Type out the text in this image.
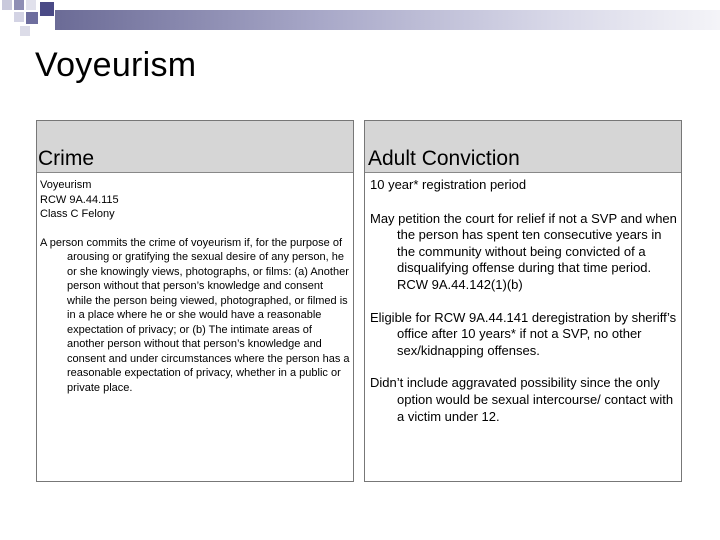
Voyeurism
Crime
Voyeurism
RCW 9A.44.115
Class C Felony
A person commits the crime of voyeurism if, for the purpose of arousing or gratifying the sexual desire of any person, he or she knowingly views, photographs, or films: (a) Another person without that person’s knowledge and consent while the person being viewed, photographed, or filmed is in a place where he or she would have a reasonable expectation of privacy; or (b) The intimate areas of another person without that person’s knowledge and consent and under circumstances where the person has a reasonable expectation of privacy, whether in a public or private place.
Adult Conviction

10 year* registration period

May petition the court for relief if not a SVP and when the person has spent ten consecutive years in the community without being convicted of a disqualifying offense during that time period. RCW 9A.44.142(1)(b)

Eligible for RCW 9A.44.141 deregistration by sheriff’s office after 10 years* if not a SVP, no other sex/kidnapping offenses.

Didn’t include aggravated possibility since the only option would be sexual intercourse/ contact with a victim under 12.
